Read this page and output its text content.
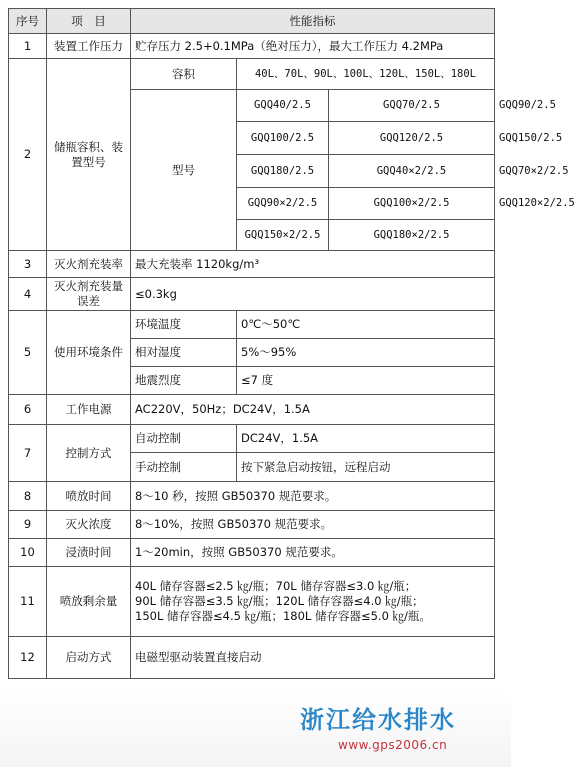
序号	项　目	性能指标			
1	装置工作压力	贮存压力 2.5+0.1MPa（绝对压力），最大工作压力 4.2MPa			
2	储瓶容积、装置型号	容积	40L、70L、90L、100L、120L、150L、180L		
		型号	GQQ40/2.5	GQQ70/2.5	GQQ90/2.5
			GQQ100/2.5	GQQ120/2.5	GQQ150/2.5
			GQQ180/2.5	GQQ40×2/2.5	GQQ70×2/2.5
			GQQ90×2/2.5	GQQ100×2/2.5	GQQ120×2/2.5
			GQQ150×2/2.5	GQQ180×2/2.5	
3	灭火剂充装率	最大充装率 1120kg/m³			
4	灭火剂充装量误差	≤0.3kg			
5	使用环境条件	环境温度	0℃～50℃		
		相对湿度	5%～95%		
		地震烈度	≤7 度		
6	工作电源	AC220V，50Hz；DC24V，1.5A			
7	控制方式	自动控制	DC24V，1.5A		
		手动控制	按下紧急启动按钮，远程启动		
8	喷放时间	8～10 秒，按照 GB50370 规范要求。			
9	灭火浓度	8～10%，按照 GB50370 规范要求。			
10	浸渍时间	1～20min，按照 GB50370 规范要求。			
11	喷放剩余量	40L 储存容器≤2.5 ㎏/瓶；70L 储存容器≤3.0 ㎏/瓶；
90L 储存容器≤3.5 ㎏/瓶；120L 储存容器≤4.0 ㎏/瓶；
150L 储存容器≤4.5 ㎏/瓶；180L 储存容器≤5.0 ㎏/瓶。			

12	启动方式	电磁型驱动装置直接启动			
浙江给水排水
www.gps2006.cn
